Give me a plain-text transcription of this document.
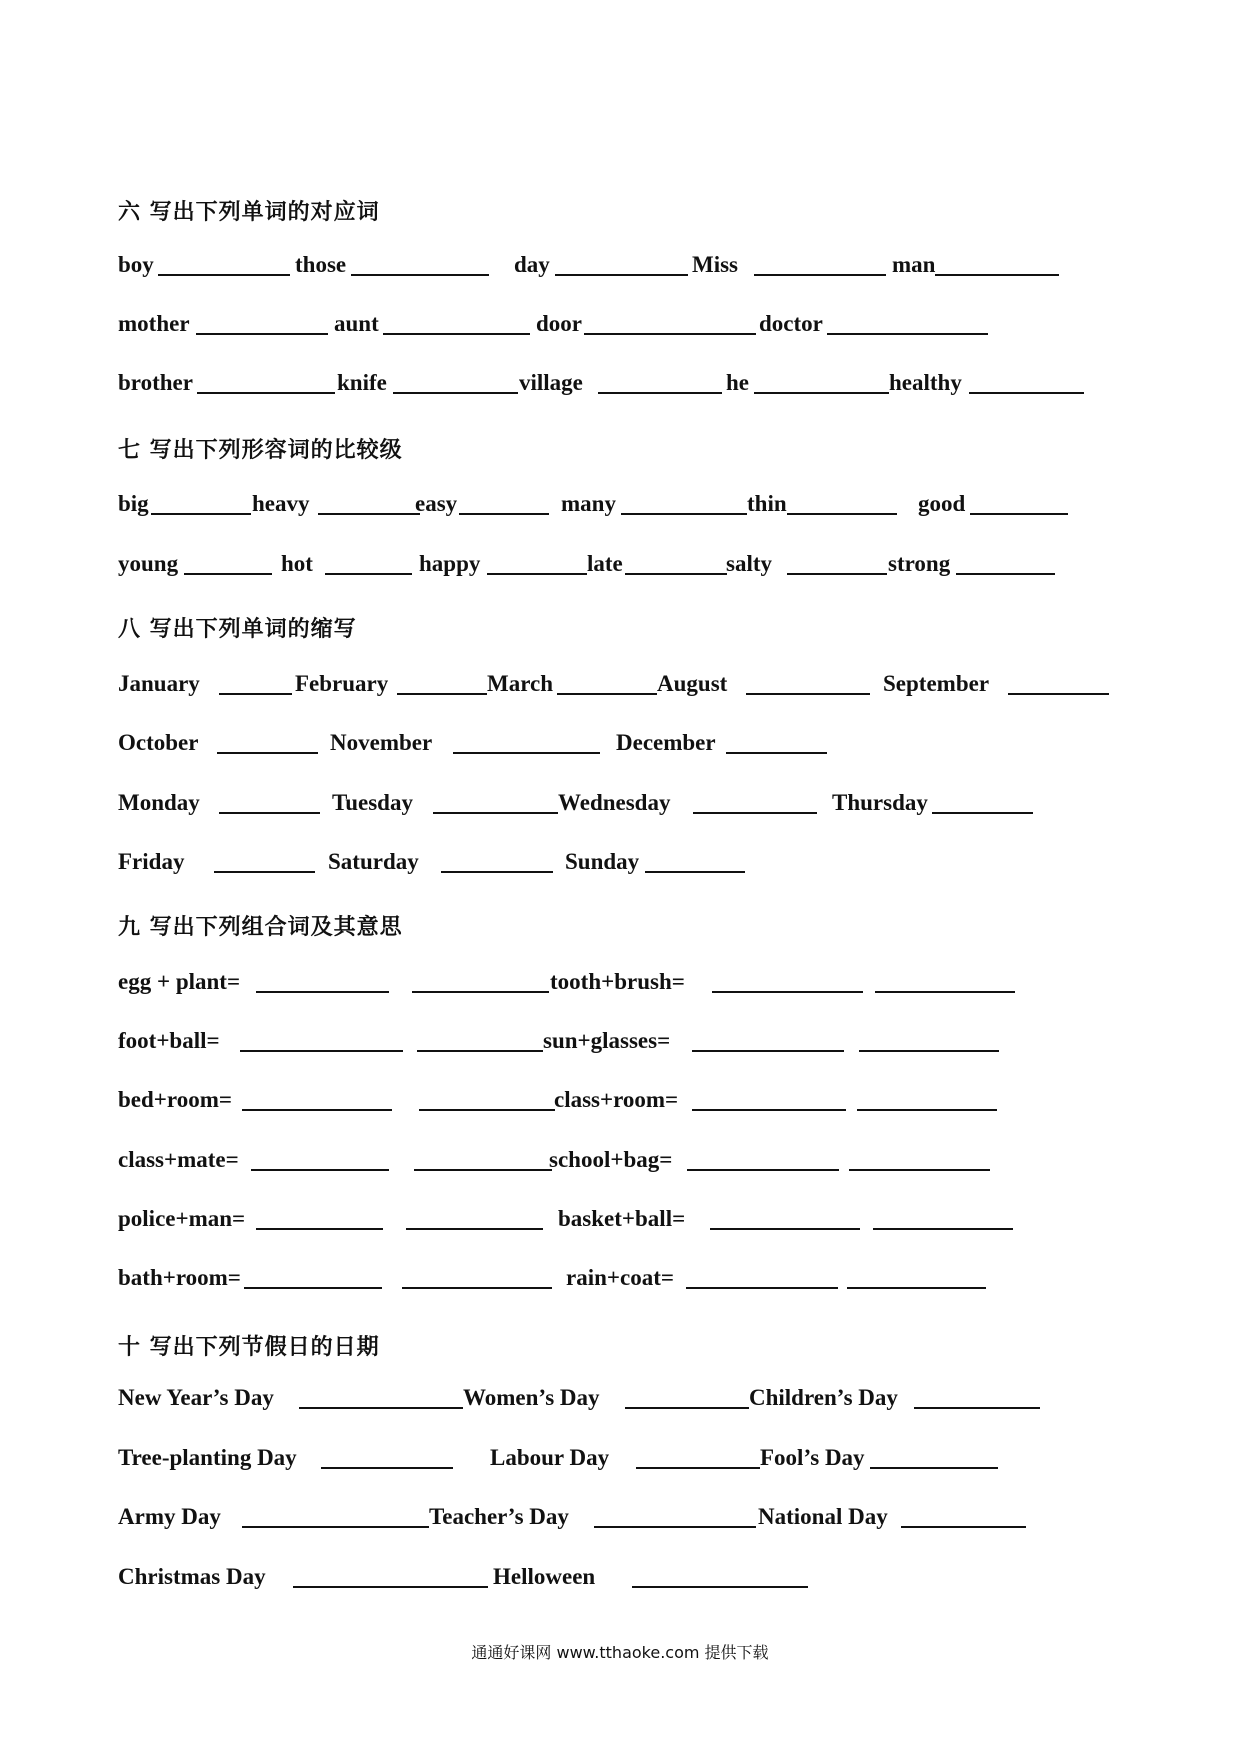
六 写出下列单词的对应词
boy	those	day	Miss	man
mother	aunt	door	doctor
brother	knife	village	he	healthy
七 写出下列形容词的比较级
big	heavy	easy	many	thin	good
young	hot	happy	late	salty	strong
八 写出下列单词的缩写
January	February	March	August	September
October	November	December
Monday	Tuesday	Wednesday	Thursday
Friday	Saturday	Sunday
九 写出下列组合词及其意思
egg + plant=	tooth+brush=
foot+ball=	sun+glasses=
bed+room=	class+room=
class+mate=	school+bag=
police+man=	basket+ball=
bath+room=	rain+coat=
十 写出下列节假日的日期
New Year’s Day	Women’s Day	Children’s Day
Tree-planting Day	Labour Day	Fool’s Day
Army Day	Teacher’s Day	National Day
Christmas Day	Helloween
通通好课网 www.tthaoke.com 提供下载
